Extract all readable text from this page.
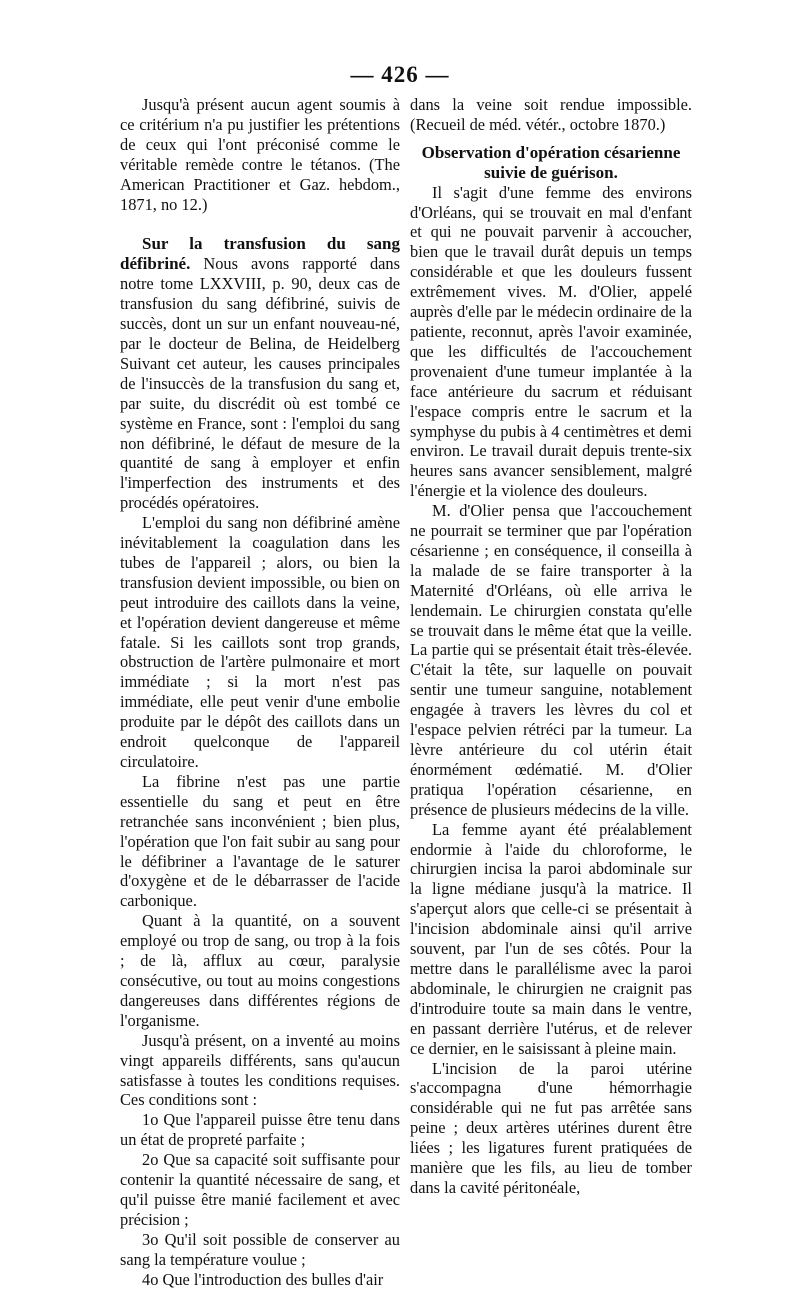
— 426 —

Jusqu'à présent aucun agent soumis à ce critérium n'a pu justifier les prétentions de ceux qui l'ont préconisé comme le véritable remède contre le tétanos. (The American Practitioner et Gaz. hebdom., 1871, no 12.)

Sur la transfusion du sang défibriné. Nous avons rapporté dans notre tome LXXVIII, p. 90, deux cas de transfusion du sang défibriné, suivis de succès, dont un sur un enfant nouveau-né, par le docteur de Belina, de Heidelberg Suivant cet auteur, les causes principales de l'insuccès de la transfusion du sang et, par suite, du discrédit où est tombé ce système en France, sont : l'emploi du sang non défibriné, le défaut de mesure de la quantité de sang à employer et enfin l'imperfection des instruments et des procédés opératoires.

L'emploi du sang non défibriné amène inévitablement la coagulation dans les tubes de l'appareil ; alors, ou bien la transfusion devient impossible, ou bien on peut introduire des caillots dans la veine, et l'opération devient dangereuse et même fatale. Si les caillots sont trop grands, obstruction de l'artère pulmonaire et mort immédiate ; si la mort n'est pas immédiate, elle peut venir d'une embolie produite par le dépôt des caillots dans un endroit quelconque de l'appareil circulatoire.

La fibrine n'est pas une partie essentielle du sang et peut en être retranchée sans inconvénient ; bien plus, l'opération que l'on fait subir au sang pour le défibriner a l'avantage de le saturer d'oxygène et de le débarrasser de l'acide carbonique.

Quant à la quantité, on a souvent employé ou trop de sang, ou trop à la fois ; de là, afflux au cœur, paralysie consécutive, ou tout au moins congestions dangereuses dans différentes régions de l'organisme.

Jusqu'à présent, on a inventé au moins vingt appareils différents, sans qu'aucun satisfasse à toutes les conditions requises. Ces conditions sont :

1o Que l'appareil puisse être tenu dans un état de propreté parfaite ;

2o Que sa capacité soit suffisante pour contenir la quantité nécessaire de sang, et qu'il puisse être manié facilement et avec précision ;

3o Qu'il soit possible de conserver au sang la température voulue ;

4o Que l'introduction des bulles d'air

dans la veine soit rendue impossible. (Recueil de méd. vétér., octobre 1870.)

Observation d'opération césarienne suivie de guérison.

Il s'agit d'une femme des environs d'Orléans, qui se trouvait en mal d'enfant et qui ne pouvait parvenir à accoucher, bien que le travail durât depuis un temps considérable et que les douleurs fussent extrêmement vives. M. d'Olier, appelé auprès d'elle par le médecin ordinaire de la patiente, reconnut, après l'avoir examinée, que les difficultés de l'accouchement provenaient d'une tumeur implantée à la face antérieure du sacrum et réduisant l'espace compris entre le sacrum et la symphyse du pubis à 4 centimètres et demi environ. Le travail durait depuis trente-six heures sans avancer sensiblement, malgré l'énergie et la violence des douleurs.

M. d'Olier pensa que l'accouchement ne pourrait se terminer que par l'opération césarienne ; en conséquence, il conseilla à la malade de se faire transporter à la Maternité d'Orléans, où elle arriva le lendemain. Le chirurgien constata qu'elle se trouvait dans le même état que la veille. La partie qui se présentait était très-élevée. C'était la tête, sur laquelle on pouvait sentir une tumeur sanguine, notablement engagée à travers les lèvres du col et l'espace pelvien rétréci par la tumeur. La lèvre antérieure du col utérin était énormément œdématié. M. d'Olier pratiqua l'opération césarienne, en présence de plusieurs médecins de la ville.

La femme ayant été préalablement endormie à l'aide du chloroforme, le chirurgien incisa la paroi abdominale sur la ligne médiane jusqu'à la matrice. Il s'aperçut alors que celle-ci se présentait à l'incision abdominale ainsi qu'il arrive souvent, par l'un de ses côtés. Pour la mettre dans le parallélisme avec la paroi abdominale, le chirurgien ne craignit pas d'introduire toute sa main dans le ventre, en passant derrière l'utérus, et de relever ce dernier, en le saisissant à pleine main.

L'incision de la paroi utérine s'accompagna d'une hémorrhagie considérable qui ne fut pas arrêtée sans peine ; deux artères utérines durent être liées ; les ligatures furent pratiquées de manière que les fils, au lieu de tomber dans la cavité péritonéale,
